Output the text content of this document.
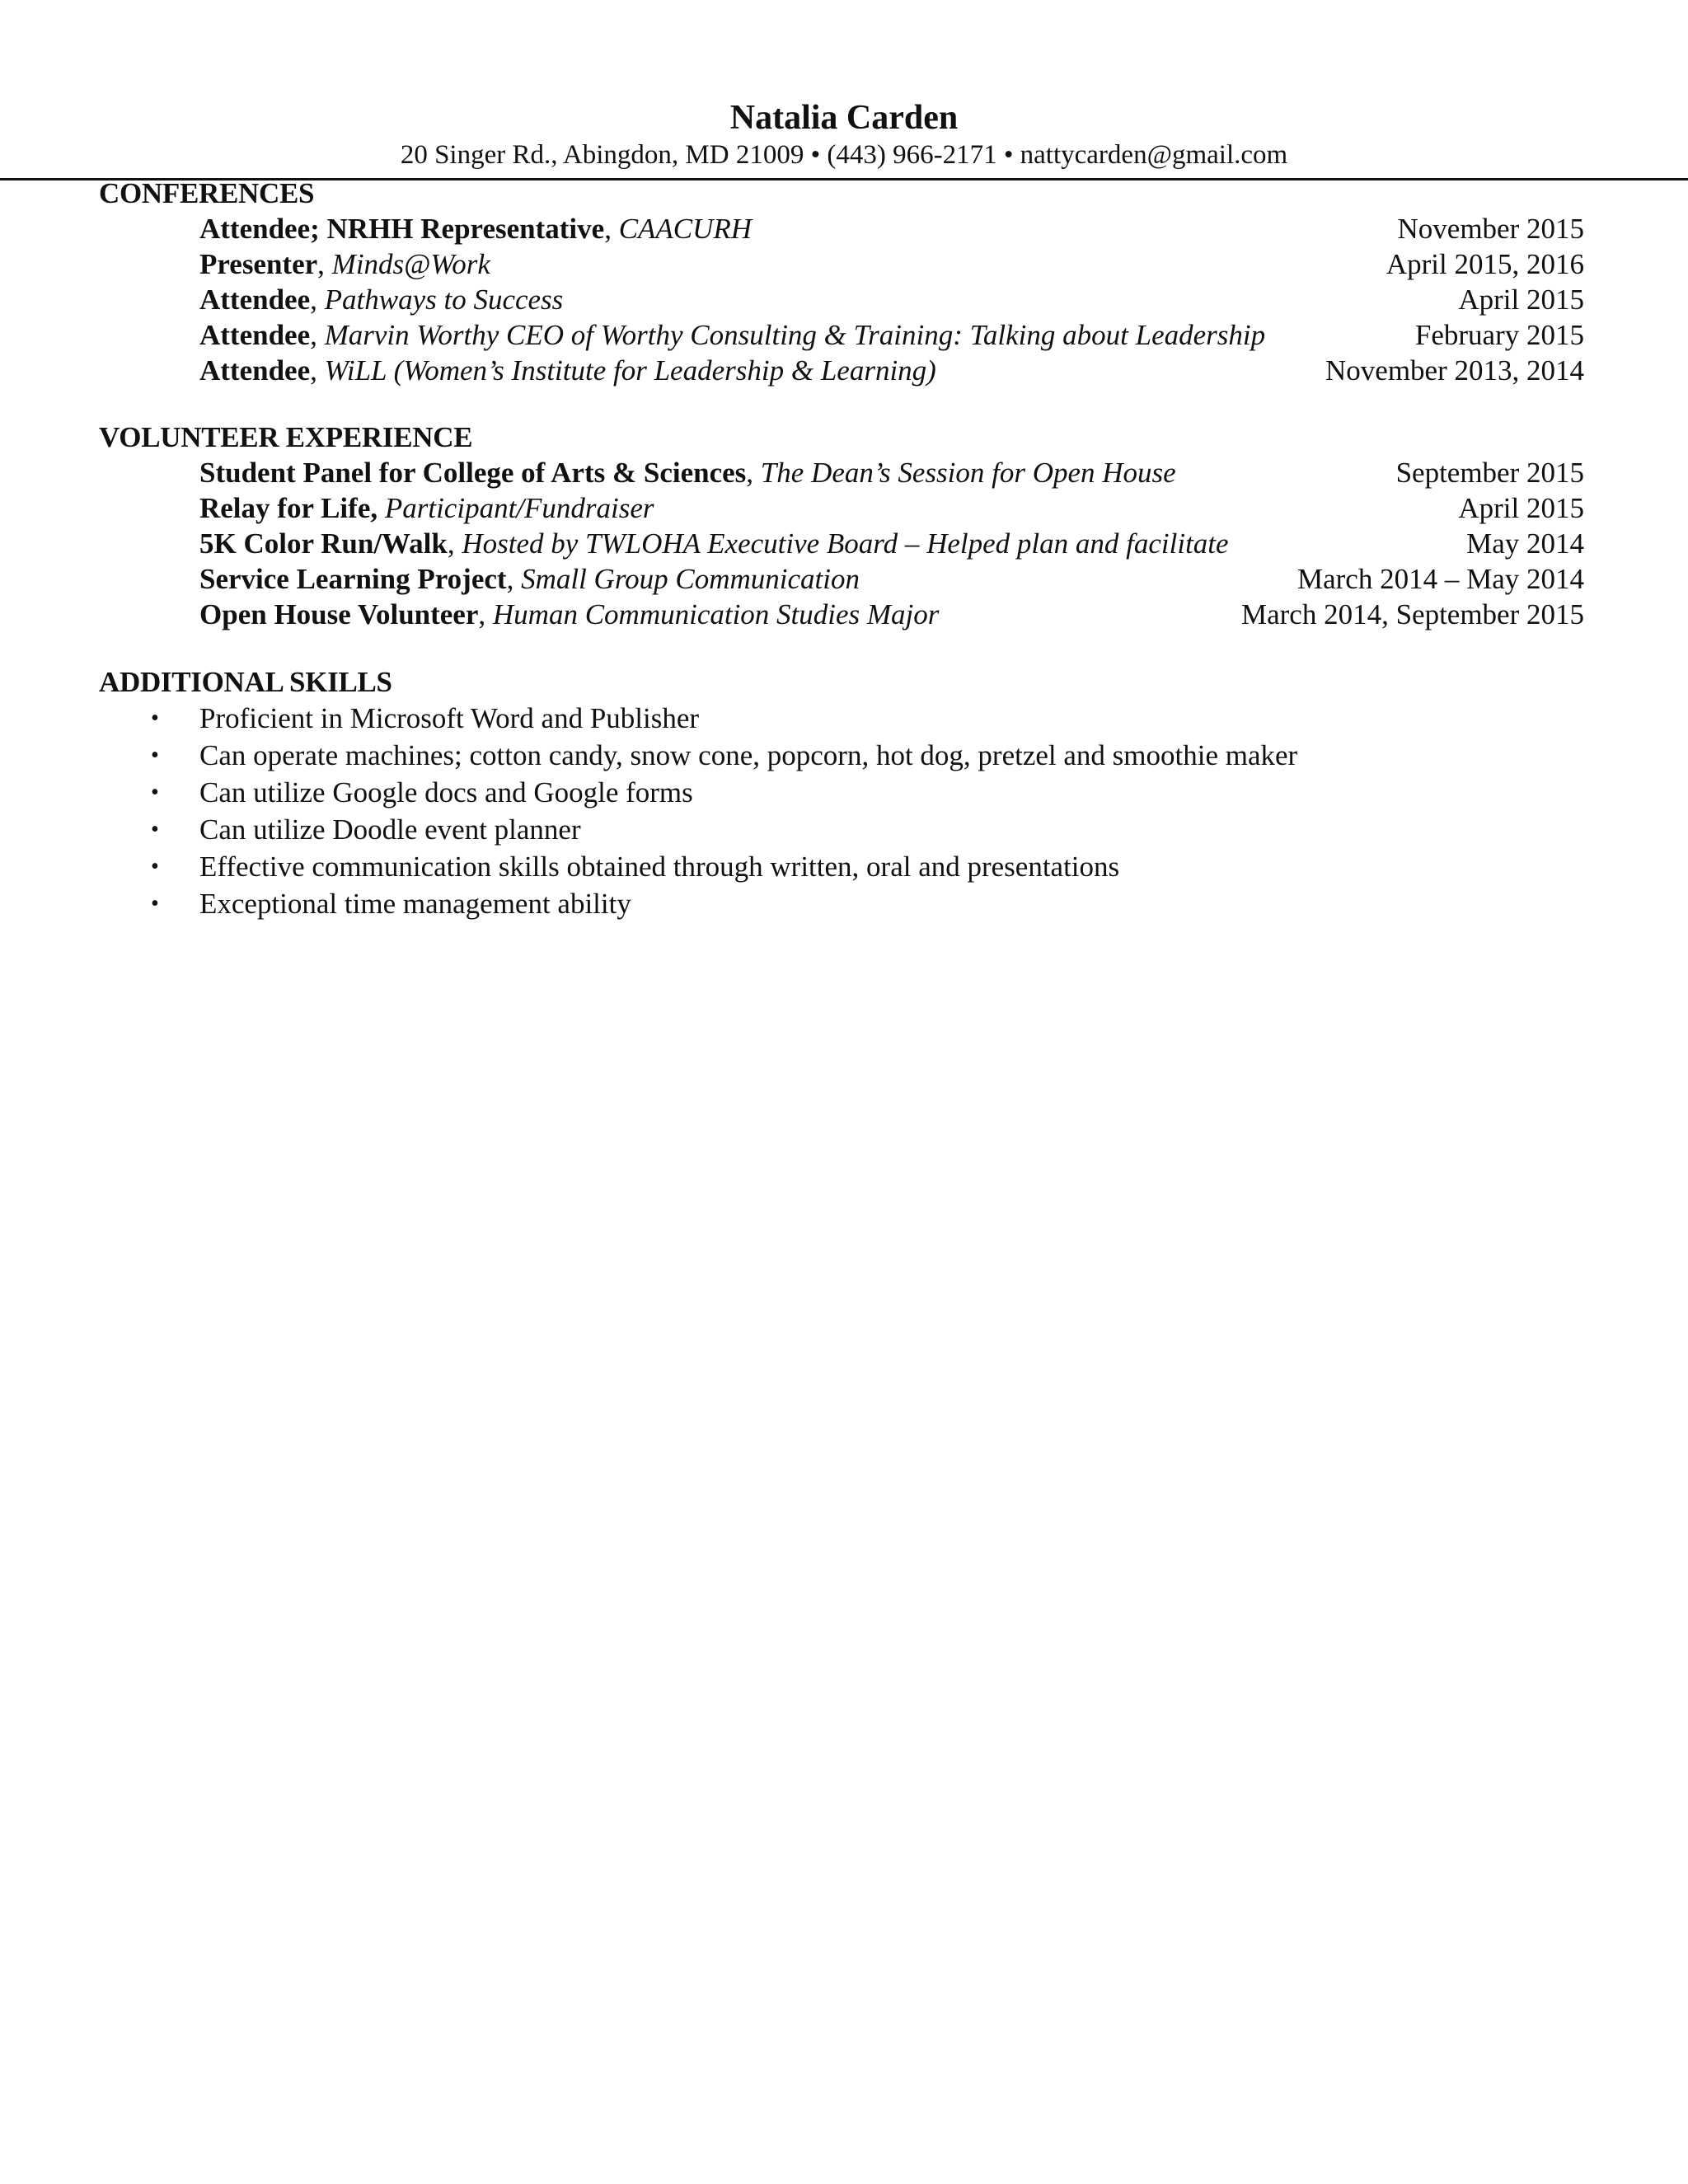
Natalia Carden
20 Singer Rd., Abingdon, MD 21009 • (443) 966-2171 • nattycarden@gmail.com
CONFERENCES
Attendee; NRHH Representative, CAACURH	November 2015
Presenter, Minds@Work	April 2015, 2016
Attendee, Pathways to Success	April 2015
Attendee, Marvin Worthy CEO of Worthy Consulting & Training: Talking about Leadership	February 2015
Attendee, WiLL (Women’s Institute for Leadership & Learning)	November 2013, 2014
VOLUNTEER EXPERIENCE
Student Panel for College of Arts & Sciences, The Dean’s Session for Open House	September 2015
Relay for Life, Participant/Fundraiser	April 2015
5K Color Run/Walk, Hosted by TWLOHA Executive Board – Helped plan and facilitate	May 2014
Service Learning Project, Small Group Communication	March 2014 – May 2014
Open House Volunteer, Human Communication Studies Major	March 2014, September 2015
ADDITIONAL SKILLS
• Proficient in Microsoft Word and Publisher
• Can operate machines; cotton candy, snow cone, popcorn, hot dog, pretzel and smoothie maker
• Can utilize Google docs and Google forms
• Can utilize Doodle event planner
• Effective communication skills obtained through written, oral and presentations
• Exceptional time management ability
